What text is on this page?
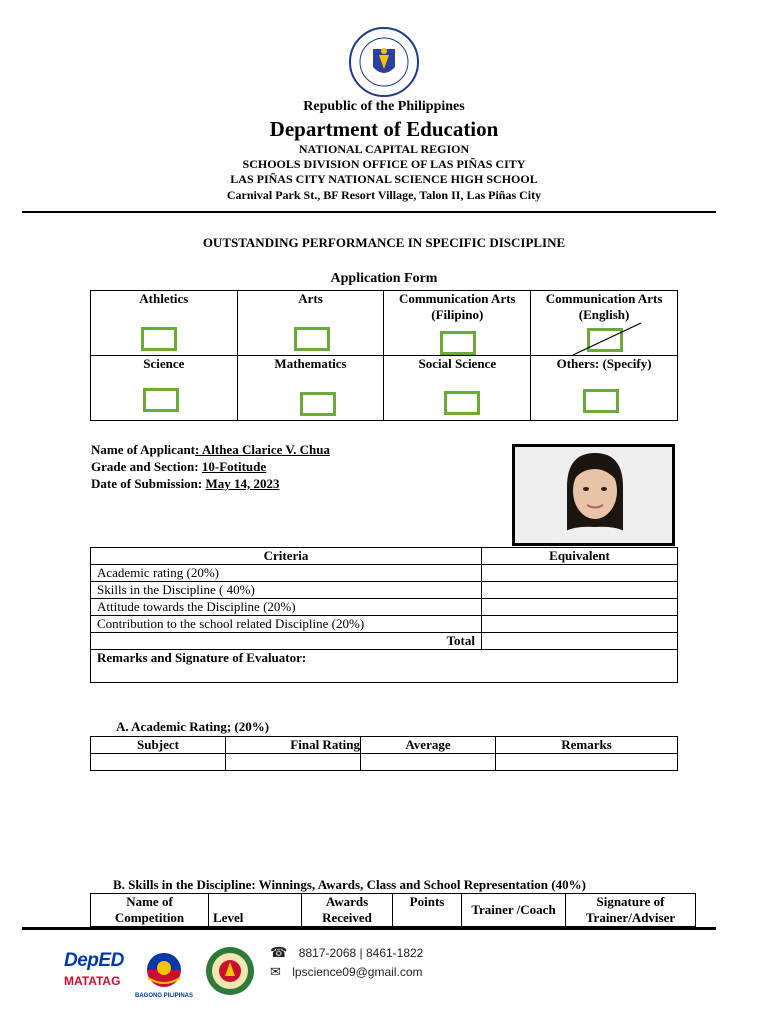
Republic of the Philippines
Department of Education
NATIONAL CAPITAL REGION
SCHOOLS DIVISION OFFICE OF LAS PIÑAS CITY
LAS PIÑAS CITY NATIONAL SCIENCE HIGH SCHOOL
Carnival Park St., BF Resort Village, Talon II, Las Piñas City
OUTSTANDING PERFORMANCE IN SPECIFIC DISCIPLINE
Application Form
Athletics	Arts	Communication Arts (Filipino)	Communication Arts (English)

Science	Mathematics	Social Science	Others: (Specify)
Name of Applicant: Althea Clarice V. Chua
Grade and Section: 10-Fotitude
Date of Submission: May 14, 2023
Criteria	Equivalent
Academic rating (20%)	
Skills in the Discipline ( 40%)	
Attitude towards the Discipline (20%)	
Contribution to the school related Discipline (20%)	
Total	
Remarks and Signature of Evaluator:	
A. Academic Rating; (20%)
Subject	Final Rating	Average	Remarks

B. Skills in the Discipline: Winnings, Awards, Class and School Representation (40%)
Name of Competition	Level	Awards Received	Points	Trainer /Coach	Signature of Trainer/Adviser
DepED
MATATAG
BAGONG PILIPINAS
☎ 8817-2068 | 8461-1822
✉ lpscience09@gmail.com
